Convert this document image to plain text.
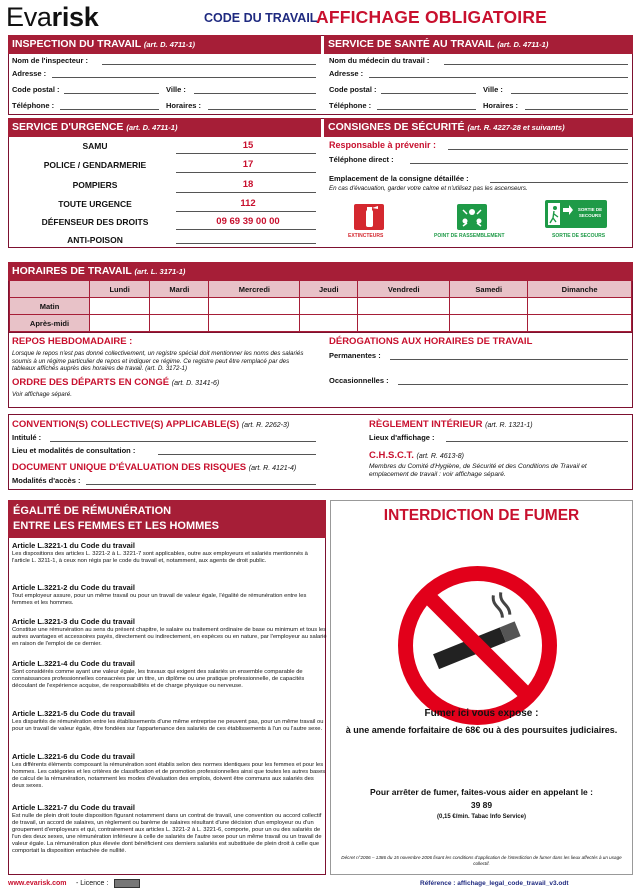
Evarisk	CODE DU TRAVAIL
AFFICHAGE OBLIGATOIRE
INSPECTION DU TRAVAIL (art. D. 4711-1)	SERVICE DE SANTÉ AU TRAVAIL (art. D. 4711-1)
Nom de l'inspecteur :
Adresse :
Code postal :	Ville :
Téléphone :	Horaires :
Nom du médecin du travail :
Adresse :
Code postal :	Ville :
Téléphone :	Horaires :
SERVICE D'URGENCE (art. D. 4711-1)	CONSIGNES DE SÉCURITÉ (art. R. 4227-28 et suivants)
SAMU	15
POLICE / GENDARMERIE	17
POMPIERS	18
TOUTE URGENCE	112
DÉFENSEUR DES DROITS	09 69 39 00 00
ANTI-POISON
Responsable à prévenir :
Téléphone direct :
Emplacement de la consigne détaillée :
En cas d'évacuation, garder votre calme et n'utilisez pas les ascenseurs.
EXTINCTEURS	POINT DE RASSEMBLEMENT
SORTIE DE SECOURS
SORTIE DE SECOURS
HORAIRES DE TRAVAIL (art. L. 3171-1)
	Lundi	Mardi	Mercredi	Jeudi	Vendredi	Samedi	Dimanche
Matin							
Après-midi							
REPOS HEBDOMADAIRE :
Lorsque le repos n'est pas donné collectivement, un registre spécial doit mentionner les noms des salariés soumis à un régime particulier de repos et indiquer ce régime. Ce registre peut être remplacé par des tableaux affichés auprès des horaires de travail. (art. D. 3172-1)
ORDRE DES DÉPARTS EN CONGÉ (art. D. 3141-6)
Voir affichage séparé.
DÉROGATIONS AUX HORAIRES DE TRAVAIL
Permanentes :
Occasionnelles :
CONVENTION(S) COLLECTIVE(S) APPLICABLE(S) (art. R. 2262-3)
Intitulé :
Lieu et modalités de consultation :
DOCUMENT UNIQUE D'ÉVALUATION DES RISQUES (art. R. 4121-4)
Modalités d'accès :
RÈGLEMENT INTÉRIEUR (art. R. 1321-1)
Lieux d'affichage :
C.H.S.C.T. (art. R. 4613-8)
Membres du Comité d'Hygiène, de Sécurité et des Conditions de Travail et emplacement de travail : voir affichage séparé.
ÉGALITÉ DE RÉMUNÉRATION
ENTRE LES FEMMES ET LES HOMMES
Article L.3221-1 du Code du travail
Les dispositions des articles L. 3221-2 à L. 3221-7 sont applicables, outre aux employeurs et salariés mentionnés à l'article L. 3211-1, à ceux non régis par le code du travail et, notamment, aux agents de droit public.
Article L.3221-2 du Code du travail
Tout employeur assure, pour un même travail ou pour un travail de valeur égale, l'égalité de rémunération entre les femmes et les hommes.
Article L.3221-3 du Code du travail
Constitue une rémunération au sens du présent chapitre, le salaire ou traitement ordinaire de base ou minimum et tous les autres avantages et accessoires payés, directement ou indirectement, en espèces ou en nature, par l'employeur au salarié en raison de l'emploi de ce dernier.
Article L.3221-4 du Code du travail
Sont considérés comme ayant une valeur égale, les travaux qui exigent des salariés un ensemble comparable de connaissances professionnelles consacrées par un titre, un diplôme ou une pratique professionnelle, de capacités découlant de l'expérience acquise, de responsabilités et de charge physique ou nerveuse.
Article L.3221-5 du Code du travail
Les disparités de rémunération entre les établissements d'une même entreprise ne peuvent pas, pour un même travail ou pour un travail de valeur égale, être fondées sur l'appartenance des salariés de ces établissements à l'un ou l'autre sexe.
Article L.3221-6 du Code du travail
Les différents éléments composant la rémunération sont établis selon des normes identiques pour les femmes et pour les hommes. Les catégories et les critères de classification et de promotion professionnelles ainsi que toutes les autres bases de calcul de la rémunération, notamment les modes d'évaluation des emplois, doivent être communs aux salariés des deux sexes.
Article L.3221-7 du Code du travail
Est nulle de plein droit toute disposition figurant notamment dans un contrat de travail, une convention ou accord collectif de travail, un accord de salaires, un règlement ou barème de salaires résultant d'une décision d'un employeur ou d'un groupement d'employeurs et qui, contrairement aux articles L. 3221-2 à L. 3221-6, comporte, pour un ou des salariés de l'un des deux sexes, une rémunération inférieure à celle de salariés de l'autre sexe pour un même travail ou un travail de valeur égale. La rémunération plus élevée dont bénéficient ces derniers salariés est substituée de plein droit à celle que comportait la disposition entachée de nullité.
INTERDICTION DE FUMER
Fumer ici vous expose :
à une amende forfaitaire de 68€ ou à des poursuites judiciaires.
Pour arrêter de fumer, faites-vous aider en appelant le :
39 89
(0,15 €/min. Tabac Info Service)
Décret n°2006 – 1386 du 15 novembre 2006 fixant les conditions d'application de l'interdiction de fumer dans les lieux affectés à un usage collectif.
www.evarisk.com - Licence :	Référence : affichage_legal_code_travail_v3.odt
